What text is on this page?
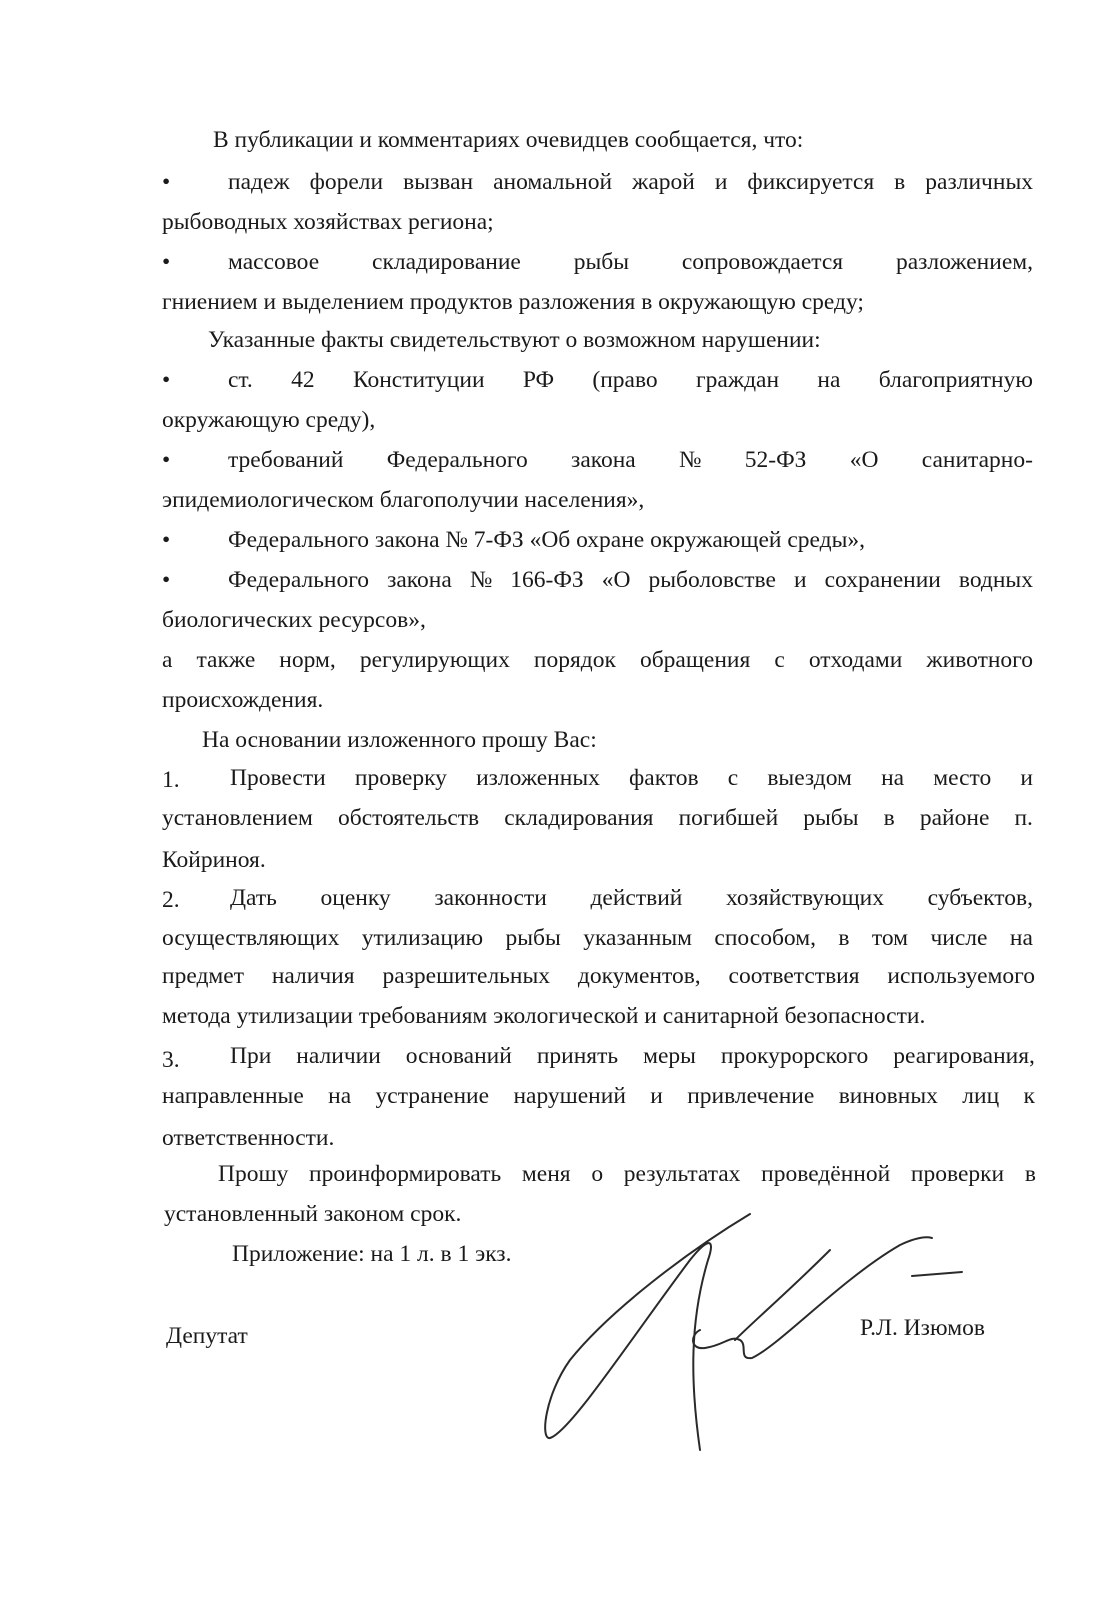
В публикации и комментариях очевидцев сообщается, что:
• падеж форели вызван аномальной жарой и фиксируется в различных
рыбоводных хозяйствах региона;
• массовое складирование рыбы сопровождается разложением,
гниением и выделением продуктов разложения в окружающую среду;
Указанные факты свидетельствуют о возможном нарушении:
• ст. 42 Конституции РФ (право граждан на благоприятную
окружающую среду),
• требований Федерального закона № 52-ФЗ «О санитарно-
эпидемиологическом благополучии населения»,
• Федерального закона № 7-ФЗ «Об охране окружающей среды»,
• Федерального закона № 166-ФЗ «О рыболовстве и сохранении водных
биологических ресурсов»,
а также норм, регулирующих порядок обращения с отходами животного
происхождения.
На основании изложенного прошу Вас:
1. Провести проверку изложенных фактов с выездом на место и
установлением обстоятельств складирования погибшей рыбы в районе п.
Койриноя.
2. Дать оценку законности действий хозяйствующих субъектов,
осуществляющих утилизацию рыбы указанным способом, в том числе на
предмет наличия разрешительных документов, соответствия используемого
метода утилизации требованиям экологической и санитарной безопасности.
3. При наличии оснований принять меры прокурорского реагирования,
направленные на устранение нарушений и привлечение виновных лиц к
ответственности.
Прошу проинформировать меня о результатах проведённой проверки в
установленный законом срок.
Приложение: на 1 л. в 1 экз.
Депутат	Р.Л. Изюмов
